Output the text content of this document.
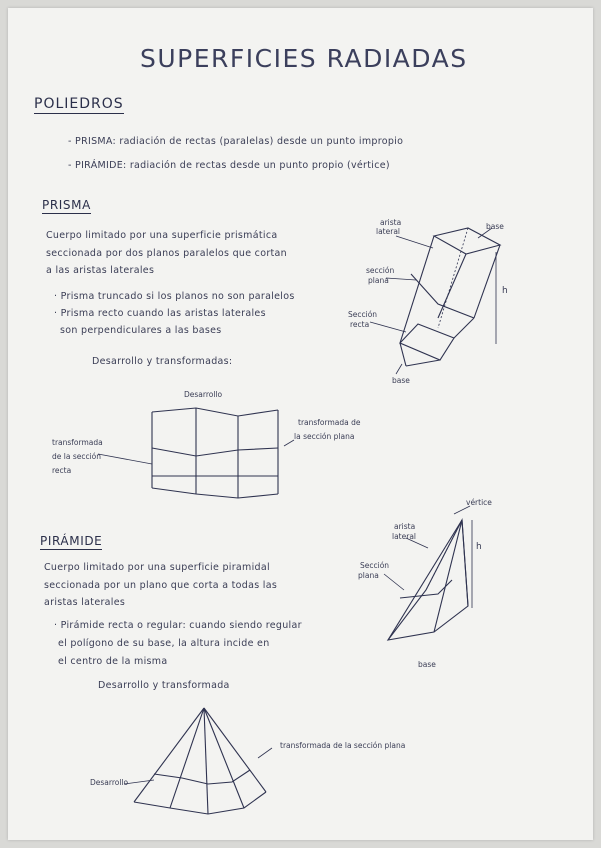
SUPERFICIES RADIADAS
POLIEDROS
- PRISMA: radiación de rectas (paralelas) desde un punto impropio
- PIRÁMIDE: radiación de rectas desde un punto propio (vértice)
PRISMA
Cuerpo limitado por una superficie prismática
seccionada por dos planos paralelos que cortan
a las aristas laterales
· Prisma truncado si los planos no son paralelos
· Prisma recto cuando las aristas laterales
son perpendiculares a las bases
Desarrollo y transformadas:
arista
lateral
base
sección
plana
Sección
recta
h
base
Desarrollo
transformada
de la sección
recta
transformada de
la sección plana
PIRÁMIDE
Cuerpo limitado por una superficie piramidal
seccionada por un plano que corta a todas las
aristas laterales
· Pirámide recta o regular: cuando siendo regular
el polígono de su base, la altura incide en
el centro de la misma
Desarrollo y transformada
vértice
arista
lateral
Sección
plana
h
base
Desarrollo
transformada de la sección plana
